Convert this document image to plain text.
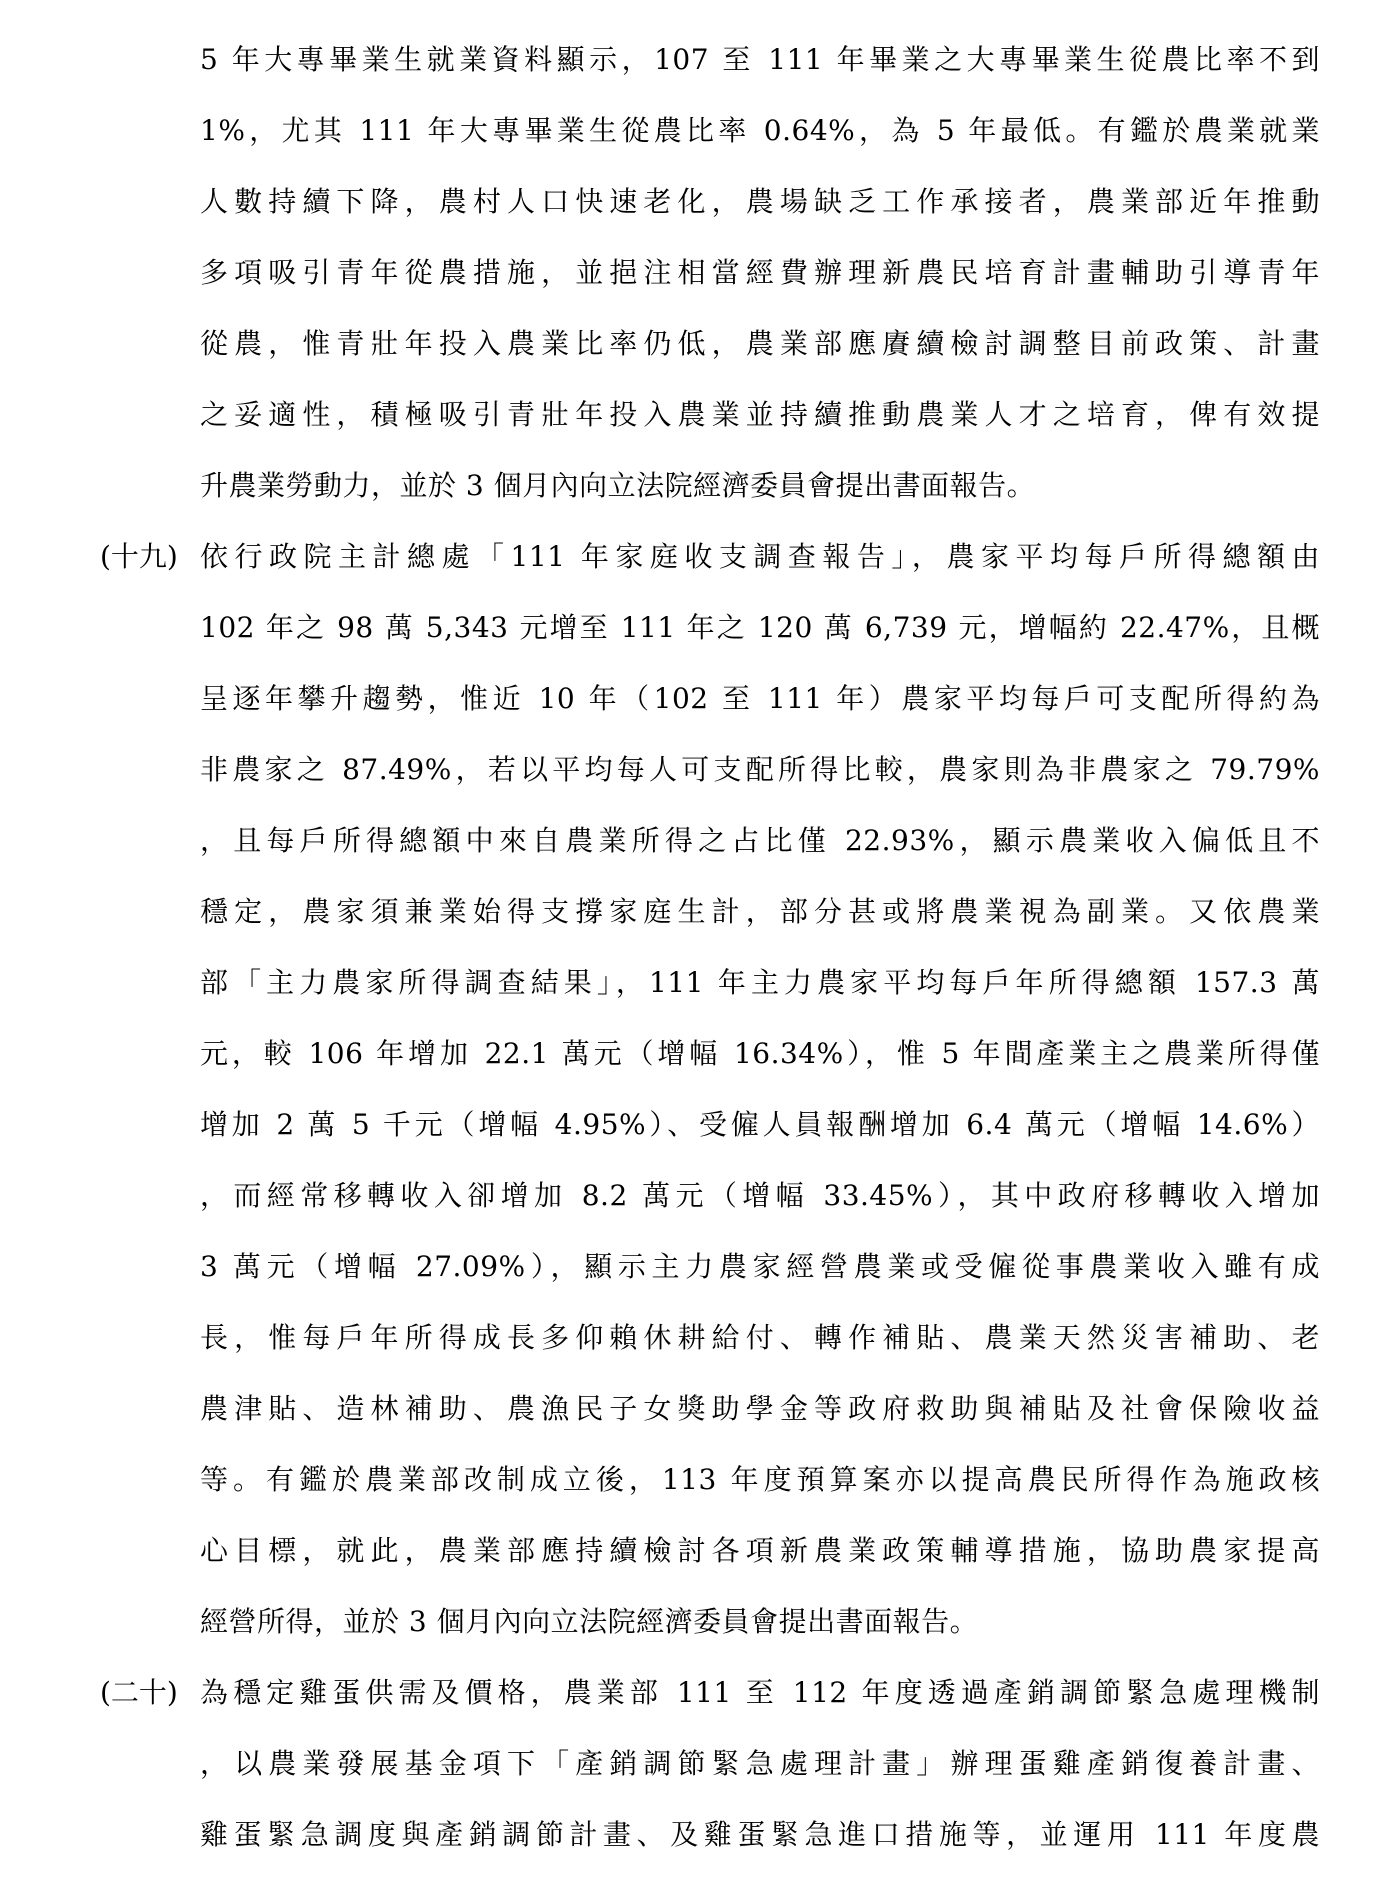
5 年大專畢業生就業資料顯示，107 至 111 年畢業之大專畢業生從農比率不到
1%，尤其 111 年大專畢業生從農比率 0.64%，為 5 年最低。有鑑於農業就業
人數持續下降，農村人口快速老化，農場缺乏工作承接者，農業部近年推動
多項吸引青年從農措施，並挹注相當經費辦理新農民培育計畫輔助引導青年
從農，惟青壯年投入農業比率仍低，農業部應賡續檢討調整目前政策、計畫
之妥適性，積極吸引青壯年投入農業並持續推動農業人才之培育，俾有效提
升農業勞動力，並於 3 個月內向立法院經濟委員會提出書面報告。
(十九) 依行政院主計總處「111 年家庭收支調查報告」，農家平均每戶所得總額由
102 年之 98 萬 5,343 元增至 111 年之 120 萬 6,739 元，增幅約 22.47%，且概
呈逐年攀升趨勢，惟近 10 年（102 至 111 年）農家平均每戶可支配所得約為
非農家之 87.49%，若以平均每人可支配所得比較，農家則為非農家之 79.79%
，且每戶所得總額中來自農業所得之占比僅 22.93%，顯示農業收入偏低且不
穩定，農家須兼業始得支撐家庭生計，部分甚或將農業視為副業。又依農業
部「主力農家所得調查結果」，111 年主力農家平均每戶年所得總額 157.3 萬
元，較 106 年增加 22.1 萬元（增幅 16.34%），惟 5 年間產業主之農業所得僅
增加 2 萬 5 千元（增幅 4.95%）、受僱人員報酬增加 6.4 萬元（增幅 14.6%）
，而經常移轉收入卻增加 8.2 萬元（增幅 33.45%），其中政府移轉收入增加
3 萬元（增幅 27.09%），顯示主力農家經營農業或受僱從事農業收入雖有成
長，惟每戶年所得成長多仰賴休耕給付、轉作補貼、農業天然災害補助、老
農津貼、造林補助、農漁民子女獎助學金等政府救助與補貼及社會保險收益
等。有鑑於農業部改制成立後，113 年度預算案亦以提高農民所得作為施政核
心目標，就此，農業部應持續檢討各項新農業政策輔導措施，協助農家提高
經營所得，並於 3 個月內向立法院經濟委員會提出書面報告。
(二十) 為穩定雞蛋供需及價格，農業部 111 至 112 年度透過產銷調節緊急處理機制
，以農業發展基金項下「產銷調節緊急處理計畫」辦理蛋雞產銷復養計畫、
雞蛋緊急調度與產銷調節計畫、及雞蛋緊急進口措施等，並運用 111 年度農
